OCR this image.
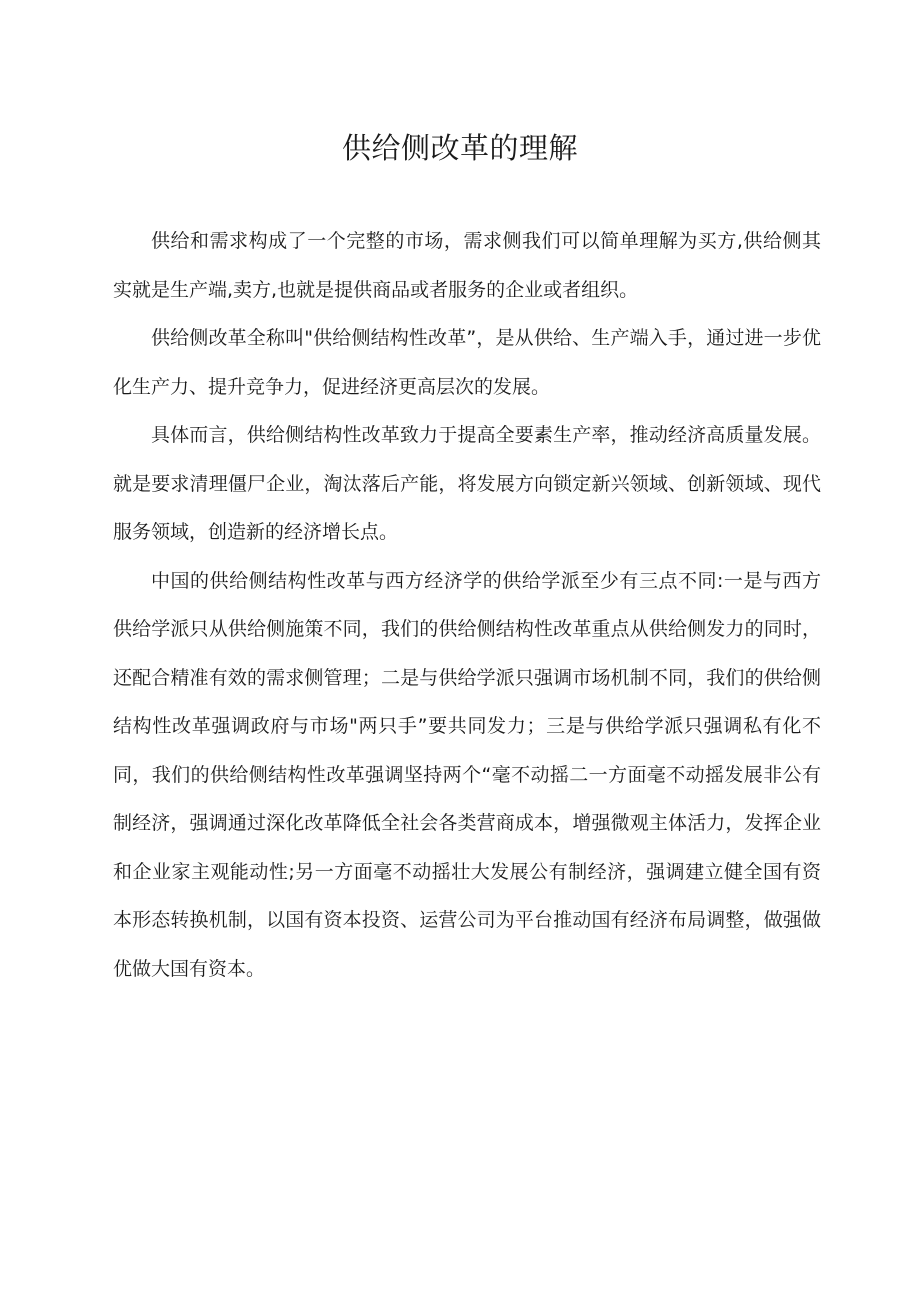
供给侧改革的理解

供给和需求构成了一个完整的市场，需求侧我们可以简单理解为买方,供给侧其实就是生产端,卖方,也就是提供商品或者服务的企业或者组织。

供给侧改革全称叫"供给侧结构性改革”，是从供给、生产端入手，通过进一步优化生产力、提升竞争力，促进经济更高层次的发展。

具体而言，供给侧结构性改革致力于提高全要素生产率，推动经济高质量发展。就是要求清理僵尸企业，淘汰落后产能，将发展方向锁定新兴领域、创新领域、现代服务领域，创造新的经济增长点。

中国的供给侧结构性改革与西方经济学的供给学派至少有三点不同:一是与西方供给学派只从供给侧施策不同，我们的供给侧结构性改革重点从供给侧发力的同时，还配合精准有效的需求侧管理；二是与供给学派只强调市场机制不同，我们的供给侧结构性改革强调政府与市场"两只手”要共同发力；三是与供给学派只强调私有化不同，我们的供给侧结构性改革强调坚持两个“毫不动摇二一方面毫不动摇发展非公有制经济，强调通过深化改革降低全社会各类营商成本，增强微观主体活力，发挥企业和企业家主观能动性;另一方面毫不动摇壮大发展公有制经济，强调建立健全国有资本形态转换机制，以国有资本投资、运营公司为平台推动国有经济布局调整，做强做优做大国有资本。
